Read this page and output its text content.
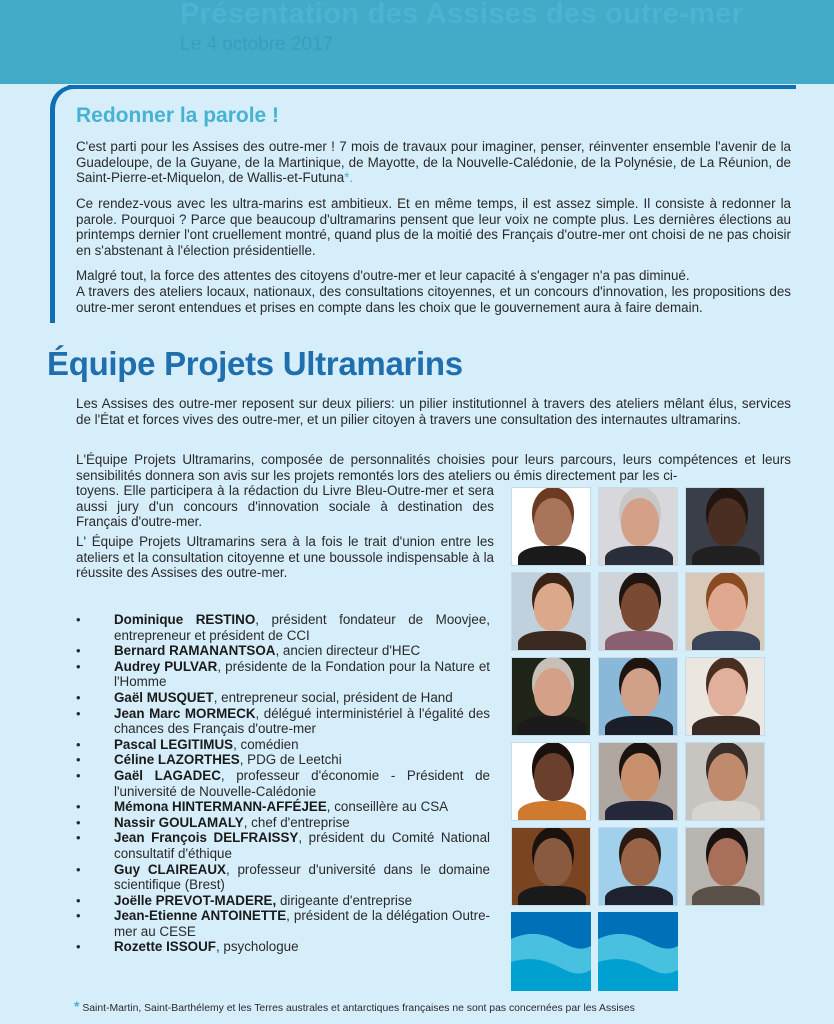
Présentation des Assises des outre-mer
Le 4 octobre 2017
Redonner la parole !
C'est parti pour les Assises des outre-mer ! 7 mois de travaux pour imaginer, penser, réinventer ensemble l'avenir de la Guadeloupe, de la Guyane, de la Martinique, de Mayotte, de la Nouvelle-Calédonie, de la Polynésie, de La Réunion, de Saint-Pierre-et-Miquelon, de Wallis-et-Futuna*.
Ce rendez-vous avec les ultra-marins est ambitieux. Et en même temps, il est assez simple. Il consiste à redonner la parole. Pourquoi ? Parce que beaucoup d'ultramarins pensent que leur voix ne compte plus. Les dernières élections au printemps dernier l'ont cruellement montré, quand plus de la moitié des Français d'outre-mer ont choisi de ne pas choisir en s'abstenant à l'élection présidentielle.
Malgré tout, la force des attentes des citoyens d'outre-mer et leur capacité à s'engager n'a pas diminué.
A travers des ateliers locaux, nationaux, des consultations citoyennes, et un concours d'innovation, les propositions des outre-mer seront entendues et prises en compte dans les choix que le gouvernement aura à faire demain.
Équipe Projets Ultramarins
Les Assises des outre-mer reposent sur deux piliers: un pilier institutionnel à travers des ateliers mêlant élus, services de l'État et forces vives des outre-mer, et un pilier citoyen à travers une consultation des internautes ultramarins.
L'Équipe Projets Ultramarins, composée de personnalités choisies pour leurs parcours, leurs compétences et leurs sensibilités donnera son avis sur les projets remontés lors des ateliers ou émis directement par les ci-
toyens. Elle participera à la rédaction du Livre Bleu-Outre-mer et sera aussi jury d'un concours d'innovation sociale à destination des Français d'outre-mer.
L' Équipe Projets Ultramarins sera à la fois le trait d'union entre les ateliers et la consultation citoyenne et une boussole indispensable à la réussite des Assises des outre-mer.
• Dominique RESTINO, président fondateur de Moovjee, entrepreneur et président de CCI
• Bernard RAMANANTSOA, ancien directeur d'HEC
• Audrey PULVAR, présidente de la Fondation pour la Nature et l'Homme
• Gaël MUSQUET, entrepreneur social, président de Hand
• Jean Marc MORMECK, délégué interministériel à l'égalité des chances des Français d'outre-mer
• Pascal LEGITIMUS, comédien
• Céline LAZORTHES, PDG de Leetchi
• Gaël LAGADEC, professeur d'économie - Président de l'université de Nouvelle-Calédonie
• Mémona HINTERMANN-AFFÉJEE, conseillère au CSA
• Nassir GOULAMALY, chef d'entreprise
• Jean François DELFRAISSY, président du Comité National consultatif d'éthique
• Guy CLAIREAUX, professeur d'université dans le domaine scientifique (Brest)
• Joëlle PREVOT-MADERE, dirigeante d'entreprise
• Jean-Etienne ANTOINETTE, président de la délégation Outre-mer au CESE
• Rozette ISSOUF, psychologue
* Saint-Martin, Saint-Barthélemy et les Terres australes et antarctiques françaises ne sont pas concernées par les Assises
